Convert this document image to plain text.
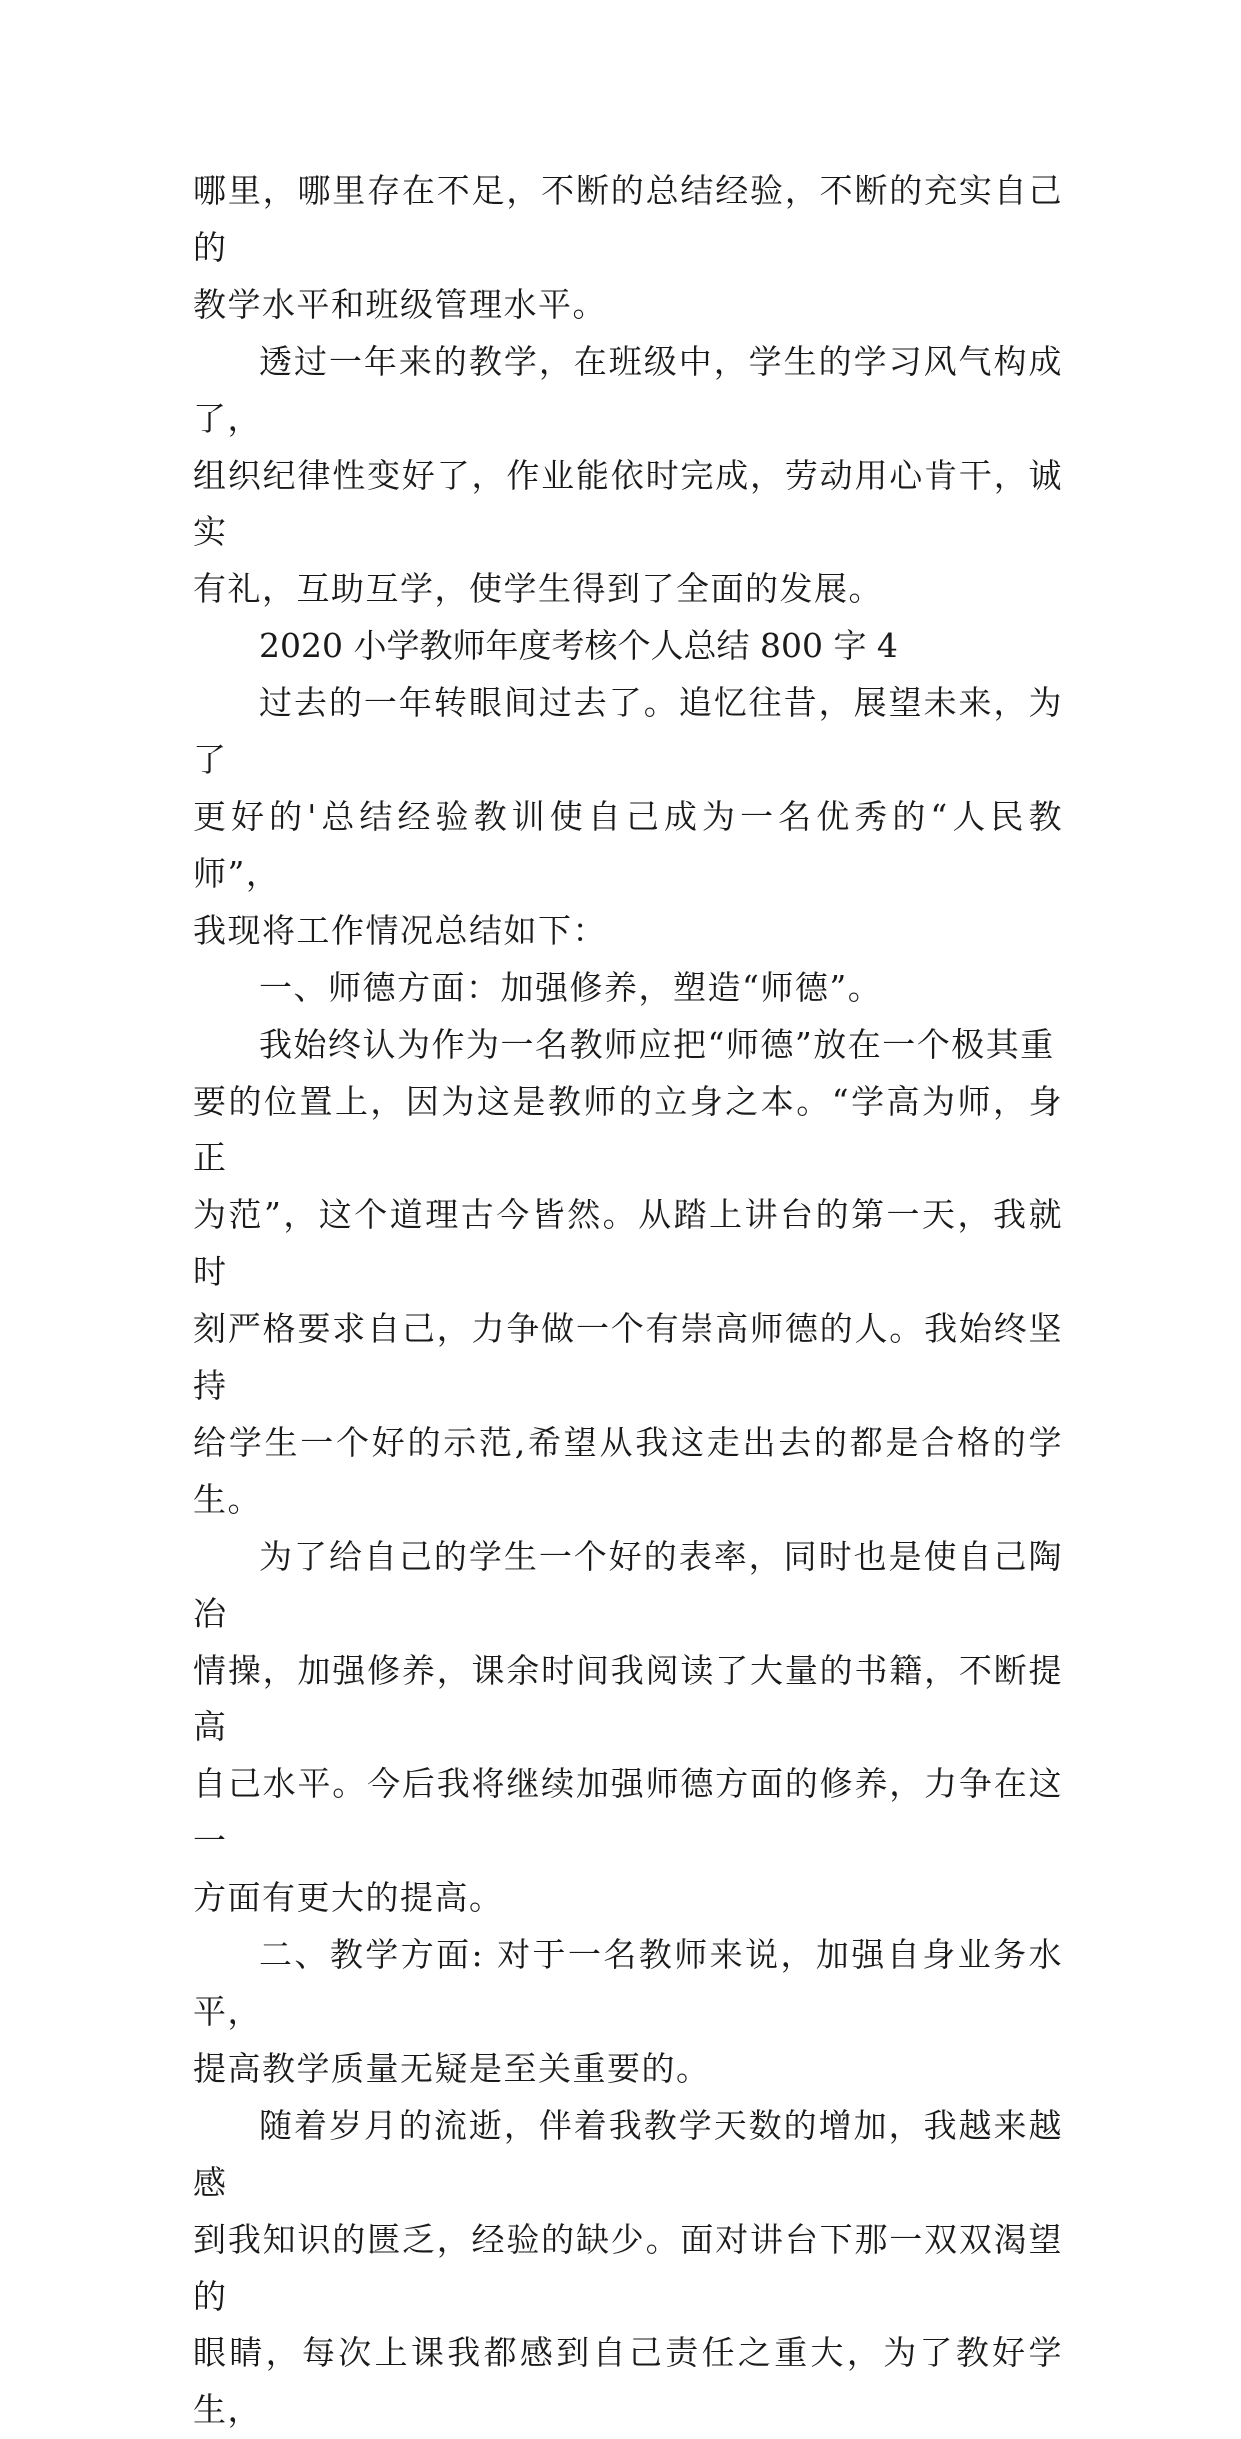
哪里，哪里存在不足，不断的总结经验，不断的充实自己的
教学水平和班级管理水平。

透过一年来的教学，在班级中，学生的学习风气构成了，
组织纪律性变好了，作业能依时完成，劳动用心肯干，诚实
有礼，互助互学，使学生得到了全面的发展。

2020 小学教师年度考核个人总结 800 字 4

过去的一年转眼间过去了。追忆往昔，展望未来，为了
更好的'总结经验教训使自己成为一名优秀的“人民教师”，
我现将工作情况总结如下：

一、师德方面：加强修养，塑造“师德”。

我始终认为作为一名教师应把“师德”放在一个极其重
要的位置上，因为这是教师的立身之本。“学高为师，身正
为范”，这个道理古今皆然。从踏上讲台的第一天，我就时
刻严格要求自己，力争做一个有崇高师德的人。我始终坚持
给学生一个好的示范,希望从我这走出去的都是合格的学生。

为了给自己的学生一个好的表率，同时也是使自己陶冶
情操，加强修养，课余时间我阅读了大量的书籍，不断提高
自己水平。今后我将继续加强师德方面的修养，力争在这一
方面有更大的提高。

二、教学方面: 对于一名教师来说，加强自身业务水平，
提高教学质量无疑是至关重要的。

随着岁月的流逝，伴着我教学天数的增加，我越来越感
到我知识的匮乏，经验的缺少。面对讲台下那一双双渴望的
眼睛，每次上课我都感到自己责任之重大，为了教好学生，
